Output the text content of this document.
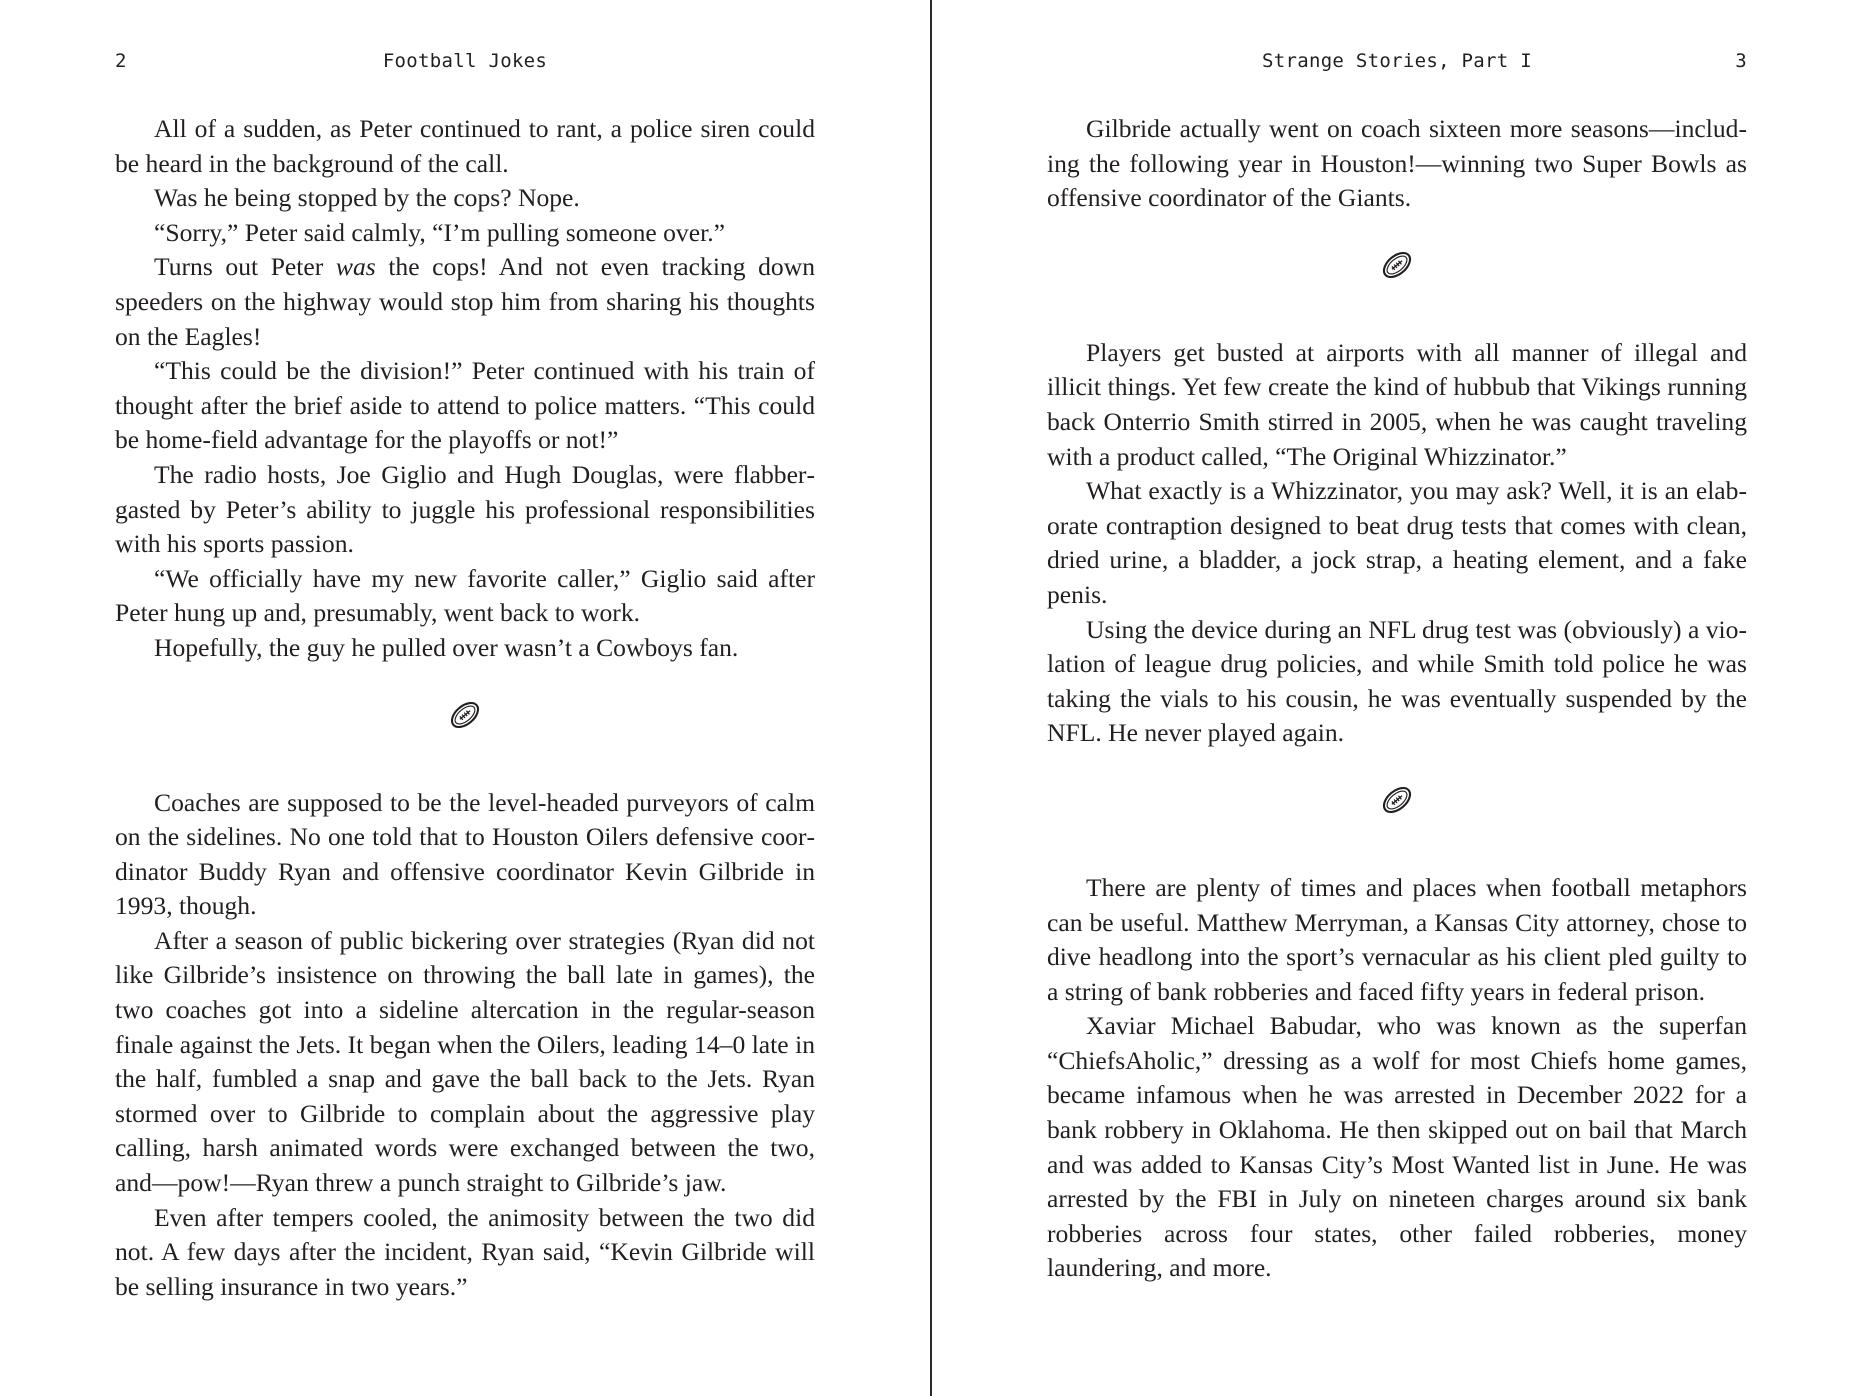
2	Football Jokes

All of a sudden, as Peter continued to rant, a police siren could be heard in the background of the call.

Was he being stopped by the cops? Nope.

“Sorry,” Peter said calmly, “I’m pulling someone over.”

Turns out Peter was the cops! And not even tracking down speeders on the highway would stop him from sharing his thoughts on the Eagles!

“This could be the division!” Peter continued with his train of thought after the brief aside to attend to police matters. “This could be home-field advantage for the playoffs or not!”

The radio hosts, Joe Giglio and Hugh Douglas, were flabbergasted by Peter’s ability to juggle his professional responsibilities with his sports passion.

“We officially have my new favorite caller,” Giglio said after Peter hung up and, presumably, went back to work.

Hopefully, the guy he pulled over wasn’t a Cowboys fan.

Coaches are supposed to be the level-headed purveyors of calm on the sidelines. No one told that to Houston Oilers defensive coordinator Buddy Ryan and offensive coordinator Kevin Gilbride in 1993, though.

After a season of public bickering over strategies (Ryan did not like Gilbride’s insistence on throwing the ball late in games), the two coaches got into a sideline altercation in the regular-season finale against the Jets. It began when the Oilers, leading 14–0 late in the half, fumbled a snap and gave the ball back to the Jets. Ryan stormed over to Gilbride to complain about the aggressive play calling, harsh animated words were exchanged between the two, and—pow!—Ryan threw a punch straight to Gilbride’s jaw.

Even after tempers cooled, the animosity between the two did not. A few days after the incident, Ryan said, “Kevin Gilbride will be selling insurance in two years.”

Strange Stories, Part I	3

Gilbride actually went on coach sixteen more seasons—including the following year in Houston!—winning two Super Bowls as offensive coordinator of the Giants.

Players get busted at airports with all manner of illegal and illicit things. Yet few create the kind of hubbub that Vikings running back Onterrio Smith stirred in 2005, when he was caught traveling with a product called, “The Original Whizzinator.”

What exactly is a Whizzinator, you may ask? Well, it is an elaborate contraption designed to beat drug tests that comes with clean, dried urine, a bladder, a jock strap, a heating element, and a fake penis.

Using the device during an NFL drug test was (obviously) a violation of league drug policies, and while Smith told police he was taking the vials to his cousin, he was eventually suspended by the NFL. He never played again.

There are plenty of times and places when football metaphors can be useful. Matthew Merryman, a Kansas City attorney, chose to dive headlong into the sport’s vernacular as his client pled guilty to a string of bank robberies and faced fifty years in federal prison.

Xaviar Michael Babudar, who was known as the superfan “ChiefsAholic,” dressing as a wolf for most Chiefs home games, became infamous when he was arrested in December 2022 for a bank robbery in Oklahoma. He then skipped out on bail that March and was added to Kansas City’s Most Wanted list in June. He was arrested by the FBI in July on nineteen charges around six bank robberies across four states, other failed robberies, money laundering, and more.
